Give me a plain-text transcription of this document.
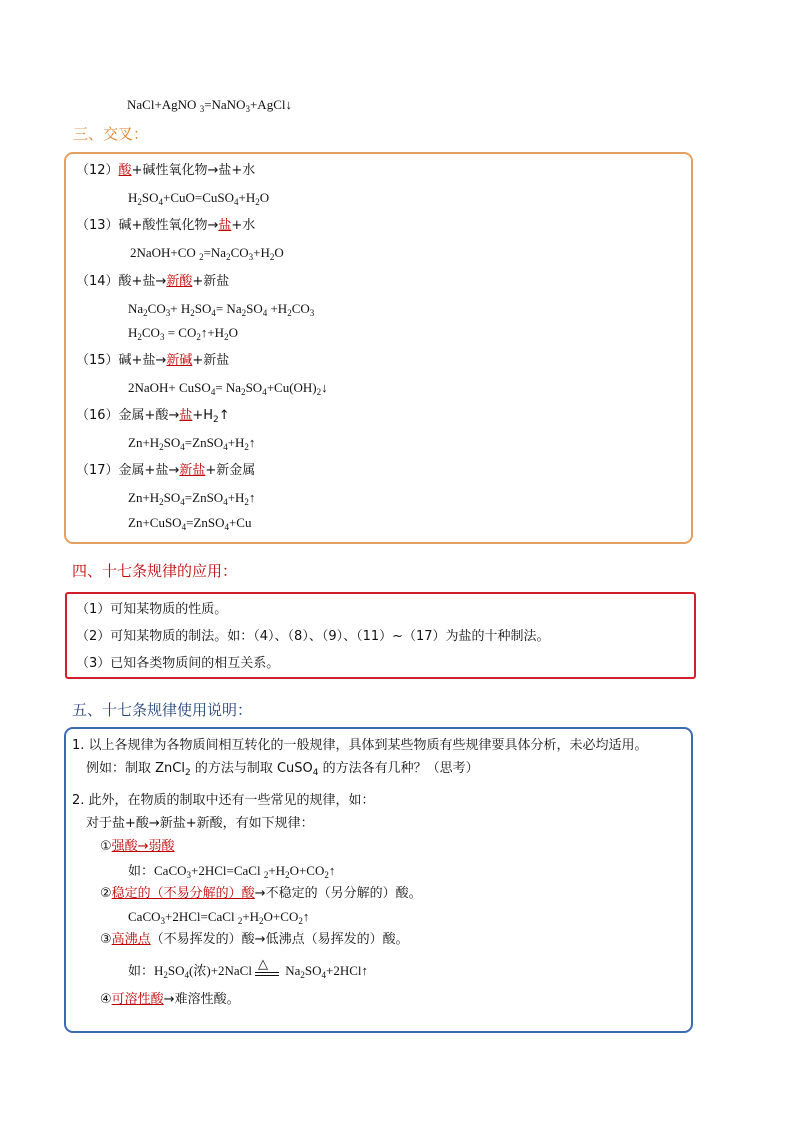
NaCl+AgNO $_3$=NaNO$_3$+AgCl↓
三、交叉：
（12）酸+碱性氧化物→盐+水
$H_2SO_4+CuO=CuSO_4+H_2O$
（13）碱+酸性氧化物→盐+水
2NaOH+CO $_2=Na_2CO_3+H_2O$
（14）酸+盐→新酸+新盐
$Na_2CO_3+ H_2SO_4= Na_2SO_4 +H_2CO_3$
$H_2CO_3$ = $CO_2↑+H_2O$
（15）碱+盐→新碱+新盐
2NaOH+ CuSO$_4$= $Na_2SO_4+Cu(OH)_2↓$
（16）金属+酸→盐$+H_2↑$
$Zn+H_2SO_4=ZnSO_4+H_2↑$
（17）金属+盐→新盐+新金属
$Zn+H_2SO_4=ZnSO_4+H_2↑$
Zn+CuSO$_4$=ZnSO$_4$+Cu
四、十七条规律的应用：
（1）可知某物质的性质。
（2）可知某物质的制法。如：（4）、（8）、（9）、（11）~（17）为盐的十种制法。
（3）已知各类物质间的相互关系。
五、十七条规律使用说明：
1. 以上各规律为各物质间相互转化的一般规律，具体到某些物质有些规律要具体分析，未必均适用。
例如：制取 ZnCl$_2$ 的方法与制取 CuSO$_4$ 的方法各有几种？（思考）
2. 此外，在物质的制取中还有一些常见的规律，如：
对于盐+酸→新盐+新酸，有如下规律：
①强酸→弱酸
如：CaCO$_3$+2HCl=CaCl $_2+H_2O+CO_2↑$
②稳定的（不易分解的）酸→不稳定的（另分解的）酸。
CaCO$_3$+2HCl=CaCl $_2+H_2O+CO_2↑$
③高沸点（不易挥发的）酸→低沸点（易挥发的）酸。
如：$H_2SO_4$(浓)+2NaCl △ $Na_2SO_4+2HCl↑$
④可溶性酸→难溶性酸。
